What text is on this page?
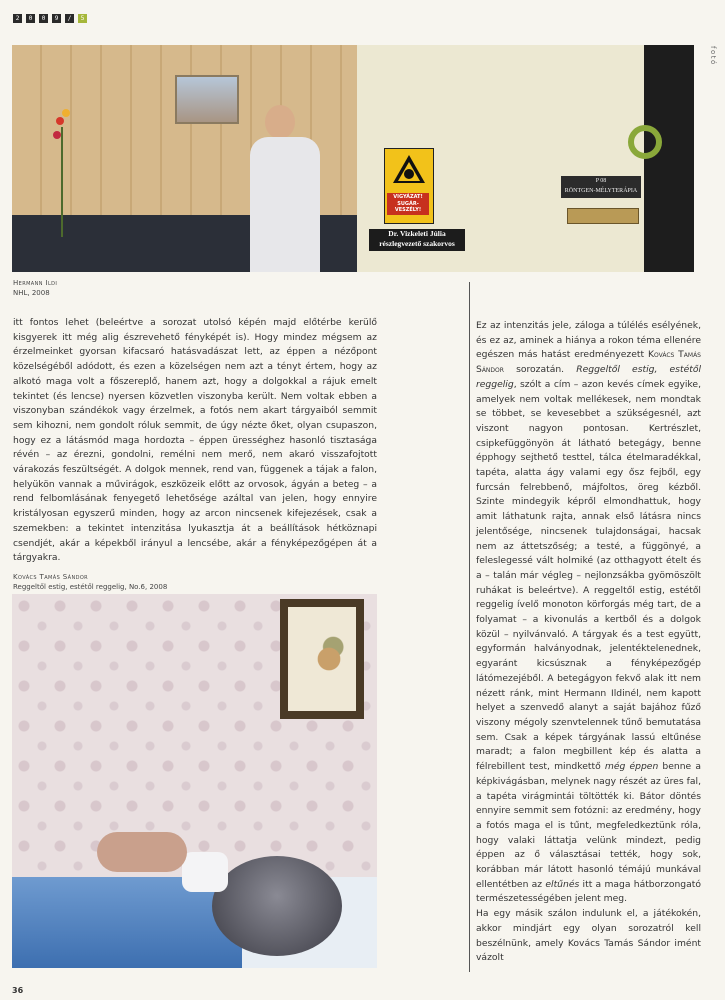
2	0	0	9	/	5
fotó
VIGYÁZAT! SUGÁR-VESZÉLY!
Dr. Vizkeleti Júlia
részlegvezető szakorvos
P 08
RÖNTGEN-MÉLYTERÁPIA
Hermann Ildi
NHL, 2008

itt fontos lehet (beleértve a sorozat utolsó képén majd előtérbe kerülő kisgyerek itt még alig észrevehető fényképét is). Hogy mindez mégsem az érzelmeinket gyorsan kifacsaró hatásvadászat lett, az éppen a nézőpont közelségéből adódott, és ezen a közelségen nem azt a tényt értem, hogy az alkotó maga volt a főszereplő, hanem azt, hogy a dolgokkal a rájuk emelt tekintet (és lencse) nyersen közvetlen viszonyba került. Nem voltak ebben a viszonyban szándékok vagy érzelmek, a fotós nem akart tárgyaiból semmit sem kihozni, nem gondolt róluk semmit, de úgy nézte őket, olyan csupaszon, hogy ez a látásmód maga hordozta – éppen ürességhez hasonló tisztasága révén – az érezni, gondolni, remélni nem merő, nem akaró visszafojtott várakozás feszültségét. A dolgok mennek, rend van, függenek a tájak a falon, helyükön vannak a művirágok, eszközeik előtt az orvosok, ágyán a beteg – a rend felbomlásának fenyegető lehetősége azáltal van jelen, hogy ennyire kristályosan egyszerű minden, hogy az arcon nincsenek kifejezések, csak a szemekben: a tekintet intenzitása lyukasztja át a beállítások hétköznapi csendjét, akár a képekből irányul a lencsébe, akár a fényképezőgépen át a tárgyakra.

Kovács Tamás Sándor
Reggeltől estig, estétől reggelig, No.6, 2008

Ez az intenzitás jele, záloga a túlélés esélyének, és ez az, aminek a hiánya a rokon téma ellenére egészen más hatást eredményezett Kovács Tamás Sándor sorozatán. Reggeltől estig, estétől reggelig, szólt a cím – azon kevés címek egyike, amelyek nem voltak mellékesek, nem mondtak se többet, se kevesebbet a szükségesnél, azt viszont nagyon pontosan. Kertrészlet, csipkefüggönyön át látható betegágy, benne épphogy sejthető testtel, tálca ételmaradékkal, tapéta, alatta ágy valami egy ősz fejből, egy furcsán felrebbenő, májfoltos, öreg kézből. Szinte mindegyik képről elmondhattuk, hogy amit láthatunk rajta, annak első látásra nincs jelentősége, nincsenek tulajdonságai, hacsak nem az áttetszőség; a testé, a függönyé, a feleslegessé vált holmiké (az otthagyott ételt és a – talán már végleg – nejlonzsákba gyömöszölt ruhákat is beleértve). A reggeltől estig, estétől reggelig ívelő monoton körforgás még tart, de a folyamat – a kivonulás a kertből és a dolgok közül – nyilvánvaló. A tárgyak és a test együtt, egyformán halványodnak, jelentéktelenednek, egyaránt kicsúsznak a fényképezőgép látómezejéből. A betegágyon fekvő alak itt nem nézett ránk, mint Hermann Ildinél, nem kapott helyet a szenvedő alanyt a saját bajához fűző viszony mégoly szenvtelennek tűnő bemutatása sem. Csak a képek tárgyának lassú eltűnése maradt; a falon megbillent kép és alatta a félrebillent test, mindkettő még éppen benne a képkivágásban, melynek nagy részét az üres fal, a tapéta virágmintái töltötték ki. Bátor döntés ennyire semmit sem fotózni: az eredmény, hogy a fotós maga el is tűnt, megfeledkeztünk róla, hogy valaki láttatja velünk mindezt, pedig éppen az ő választásai tették, hogy sok, korábban már látott hasonló témájú munkával ellentétben az eltűnés itt a maga hátborzongató természetességében jelent meg.

Ha egy másik szálon indulunk el, a játékokén, akkor mindjárt egy olyan sorozatról kell beszélnünk, amely Kovács Tamás Sándor imént vázolt

36
